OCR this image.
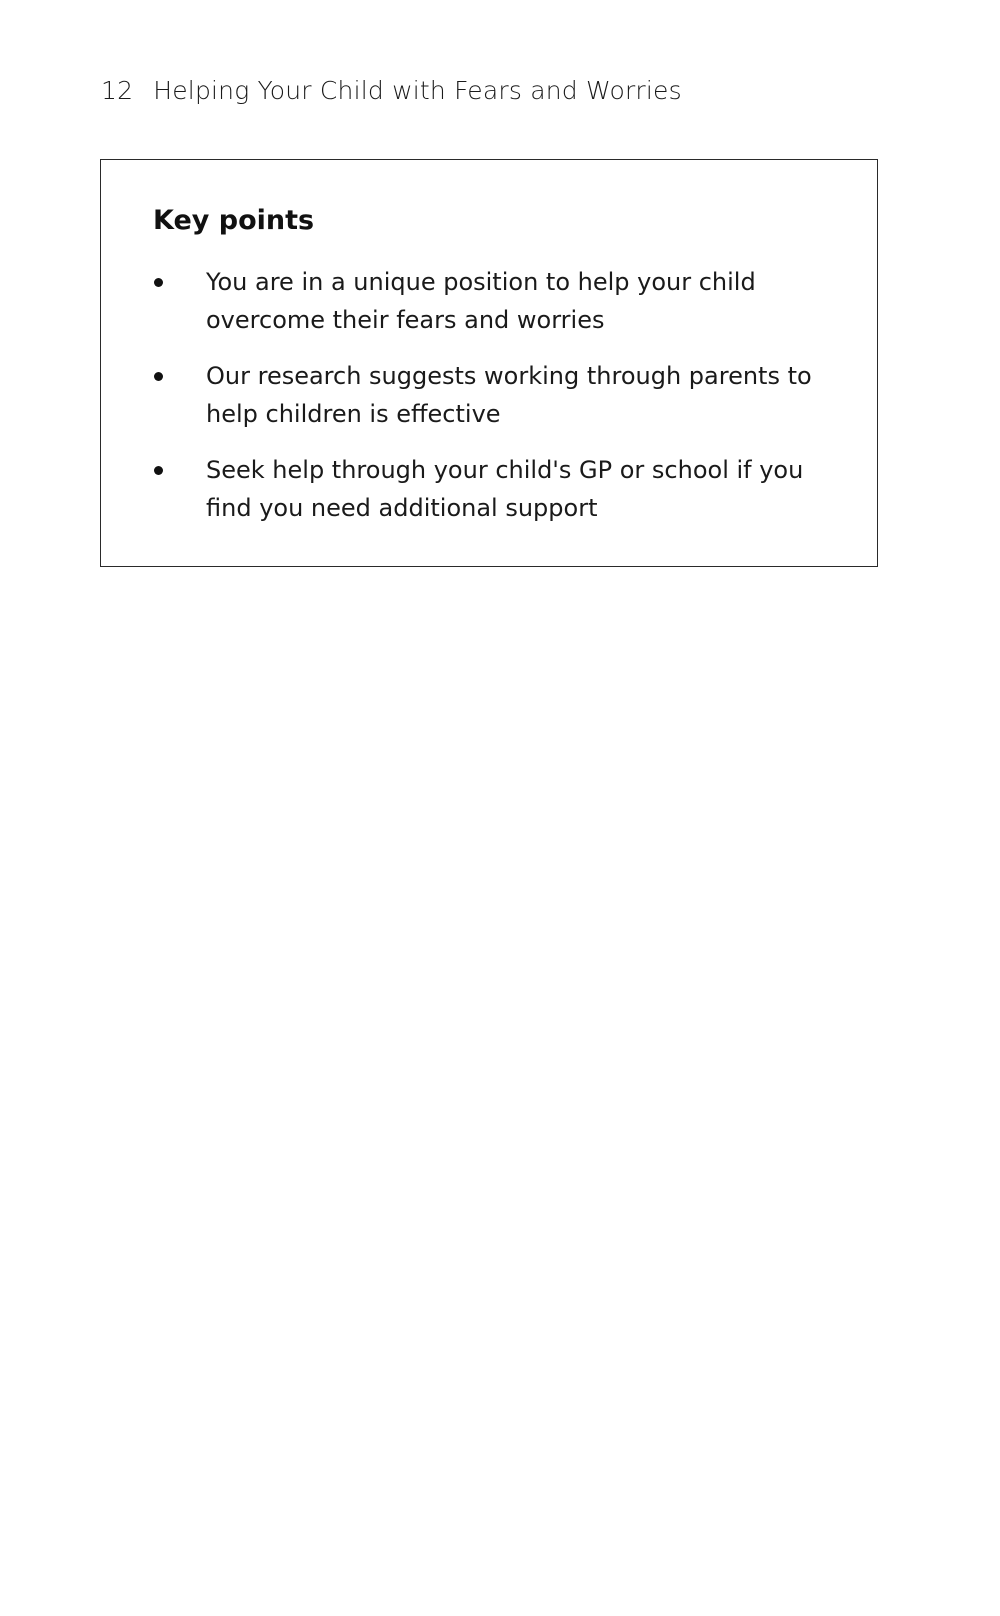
12 Helping Your Child with Fears and Worries
Key points
You are in a unique position to help your child overcome their fears and worries
Our research suggests working through parents to help children is effective
Seek help through your child's GP or school if you find you need additional support
